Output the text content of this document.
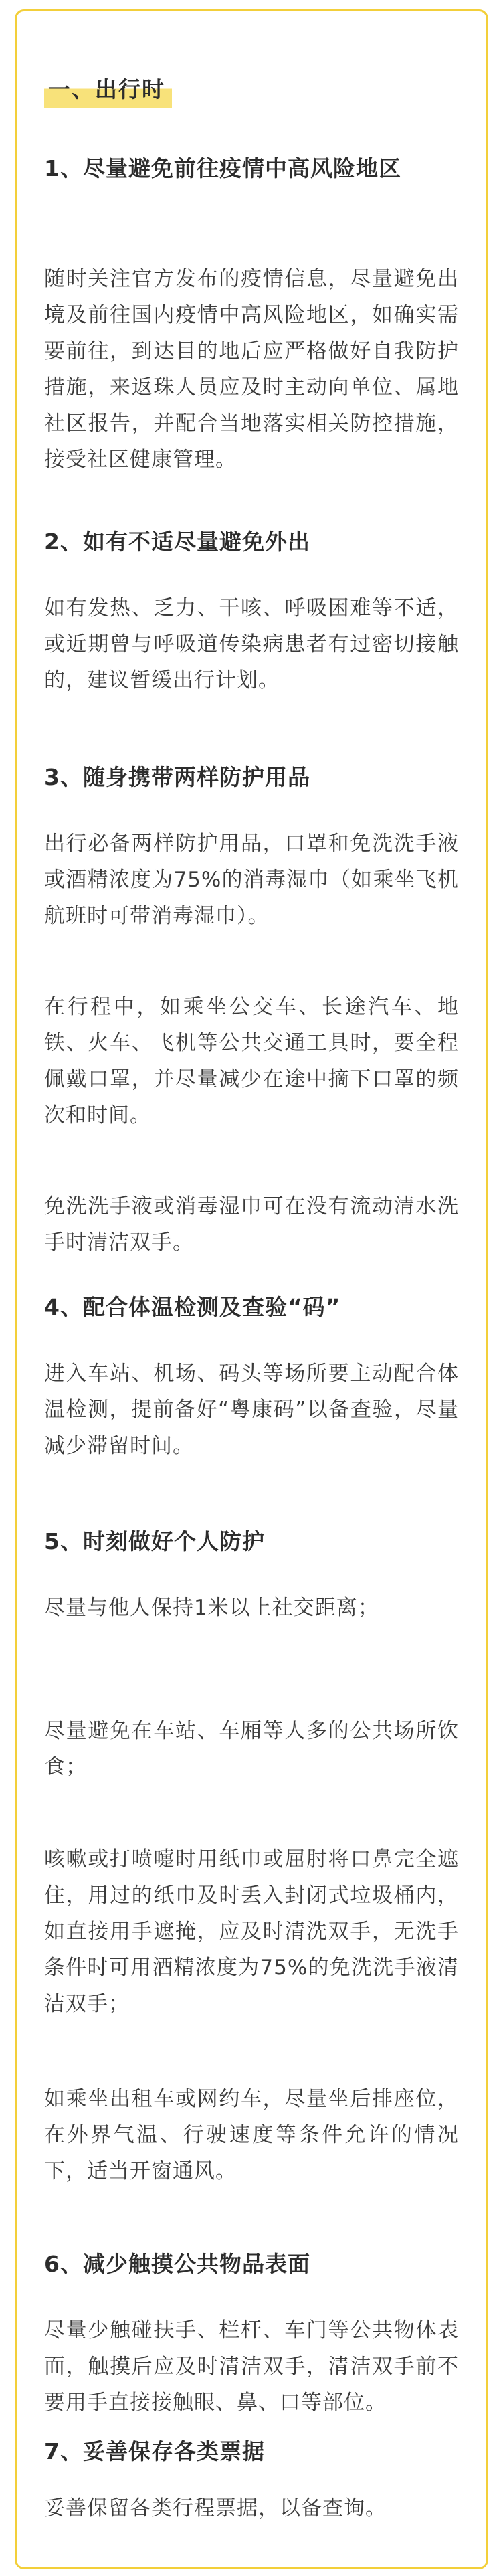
一、出行时
1、尽量避免前往疫情中高风险地区
随时关注官方发布的疫情信息，尽量避免出境及前往国内疫情中高风险地区，如确实需要前往，到达目的地后应严格做好自我防护措施，来返珠人员应及时主动向单位、属地社区报告，并配合当地落实相关防控措施，接受社区健康管理。
2、如有不适尽量避免外出
如有发热、乏力、干咳、呼吸困难等不适，或近期曾与呼吸道传染病患者有过密切接触的，建议暂缓出行计划。
3、随身携带两样防护用品
出行必备两样防护用品，口罩和免洗洗手液或酒精浓度为75%的消毒湿巾（如乘坐飞机航班时可带消毒湿巾）。
在行程中，如乘坐公交车、长途汽车、地铁、火车、飞机等公共交通工具时，要全程佩戴口罩，并尽量减少在途中摘下口罩的频次和时间。
免洗洗手液或消毒湿巾可在没有流动清水洗手时清洁双手。
4、配合体温检测及查验“码”
进入车站、机场、码头等场所要主动配合体温检测，提前备好“粤康码”以备查验，尽量减少滞留时间。
5、时刻做好个人防护
尽量与他人保持1米以上社交距离；
尽量避免在车站、车厢等人多的公共场所饮食；
咳嗽或打喷嚏时用纸巾或屈肘将口鼻完全遮住，用过的纸巾及时丢入封闭式垃圾桶内，如直接用手遮掩，应及时清洗双手，无洗手条件时可用酒精浓度为75%的免洗洗手液清洁双手；
如乘坐出租车或网约车，尽量坐后排座位，在外界气温、行驶速度等条件允许的情况下，适当开窗通风。
6、减少触摸公共物品表面
尽量少触碰扶手、栏杆、车门等公共物体表面，触摸后应及时清洁双手，清洁双手前不要用手直接接触眼、鼻、口等部位。
7、妥善保存各类票据
妥善保留各类行程票据，以备查询。
